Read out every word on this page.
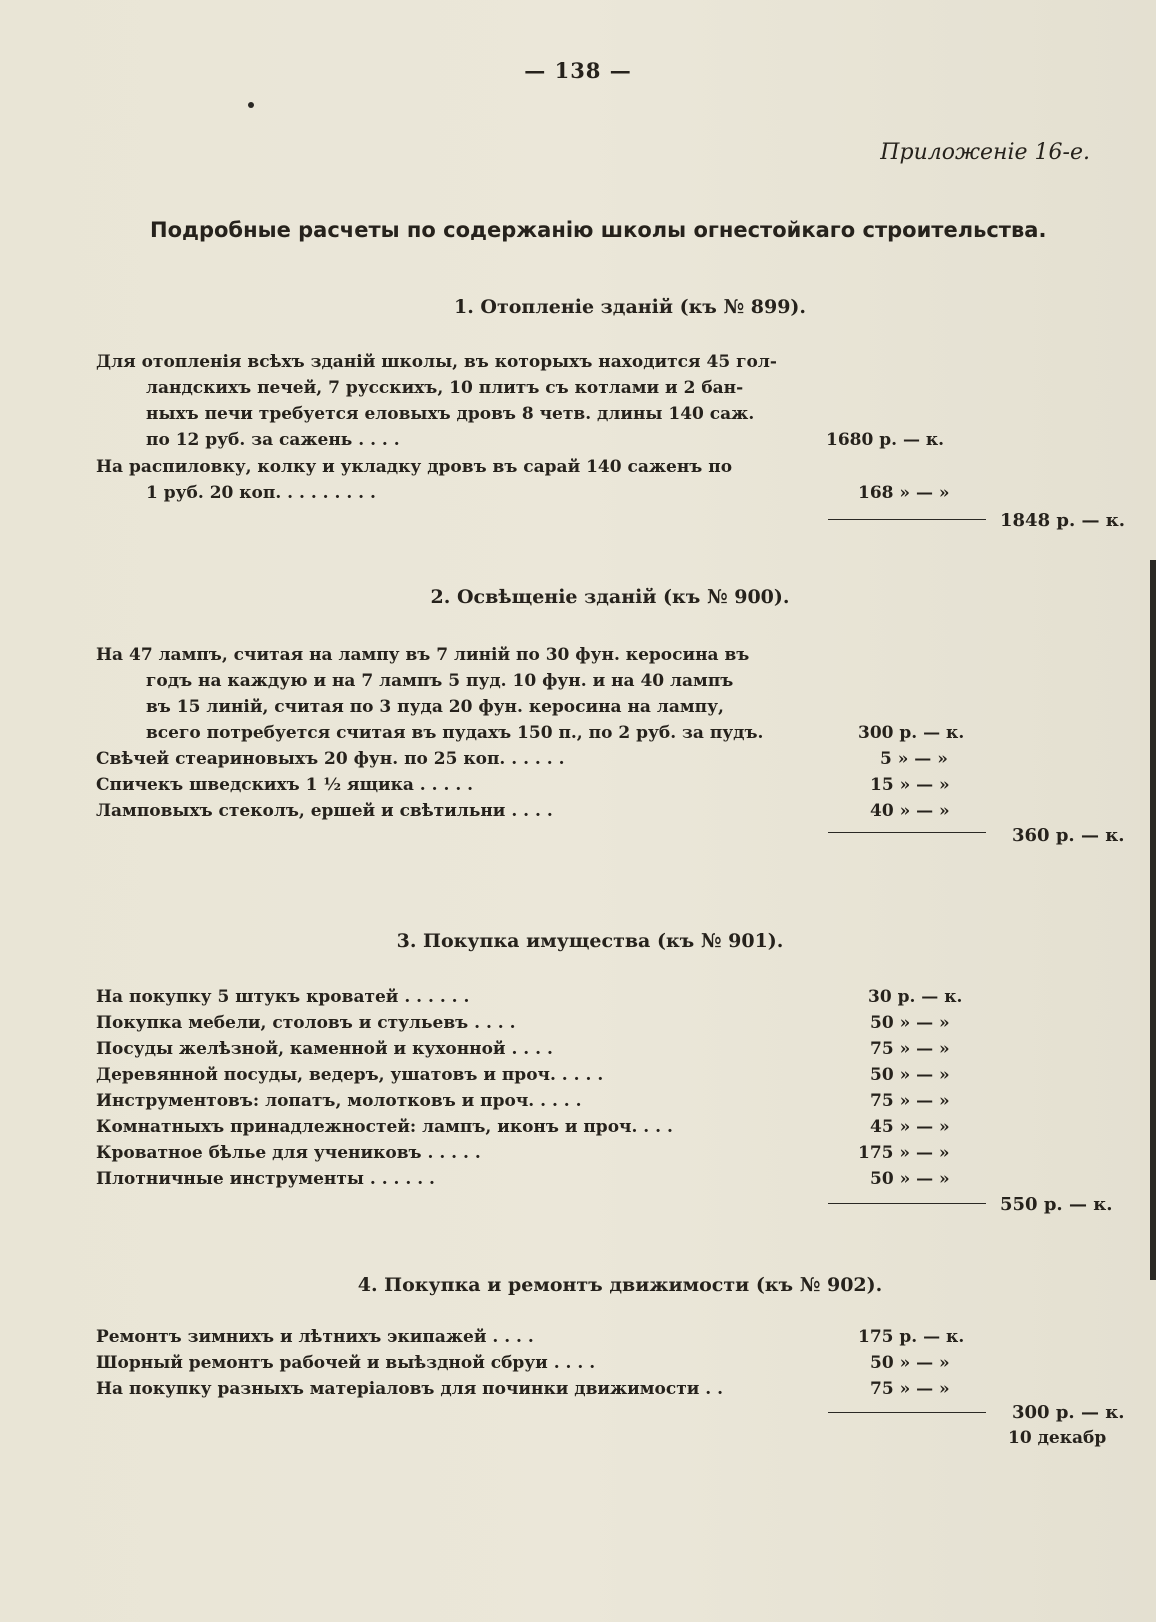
— 138 —
Приложеніе 16-е.
Подробные расчеты по содержанію школы огнестойкаго строительства.
1. Отопленіе зданій (къ № 899).
Для отопленія всѣхъ зданій школы, въ которыхъ находится 45 гол-
ландскихъ печей, 7 русскихъ, 10 плитъ съ котлами и 2 бан-
ныхъ печи требуется еловыхъ дровъ 8 четв. длины 140 саж.
по 12 руб. за сажень . . . .
На распиловку, колку и укладку дровъ въ сарай 140 саженъ по
1 руб. 20 коп. . . . . . . . .
1680 р. — к.
168 » — »
1848 р. — к.
2. Освѣщеніе зданій (къ № 900).
На 47 лампъ, считая на лампу въ 7 линій по 30 фун. керосина въ
годъ на каждую и на 7 лампъ 5 пуд. 10 фун. и на 40 лампъ
въ 15 линій, считая по 3 пуда 20 фун. керосина на лампу,
всего потребуется считая въ пудахъ 150 п., по 2 руб. за пудъ.
Свѣчей стеариновыхъ 20 фун. по 25 коп. . . . . .
Спичекъ шведскихъ 1 ½ ящика . . . . .
Ламповыхъ стеколъ, ершей и свѣтильни . . . .
300 р. — к.
5 » — »
15 » — »
40 » — »
360 р. — к.
3. Покупка имущества (къ № 901).
На покупку 5 штукъ кроватей . . . . . .
Покупка мебели, столовъ и стульевъ . . . .
Посуды желѣзной, каменной и кухонной . . . .
Деревянной посуды, ведеръ, ушатовъ и проч. . . . .
Инструментовъ: лопатъ, молотковъ и проч. . . . .
Комнатныхъ принадлежностей: лампъ, иконъ и проч. . . .
Кроватное бѣлье для учениковъ . . . . .
Плотничные инструменты . . . . . .
30 р. — к.
50 » — »
75 » — »
50 » — »
75 » — »
45 » — »
175 » — »
50 » — »
550 р. — к.
4. Покупка и ремонтъ движимости (къ № 902).
Ремонтъ зимнихъ и лѣтнихъ экипажей . . . .
Шорный ремонтъ рабочей и выѣздной сбруи . . . .
На покупку разныхъ матеріаловъ для починки движимости . .
175 р. — к.
50 » — »
75 » — »
300 р. — к.
10 декабр
